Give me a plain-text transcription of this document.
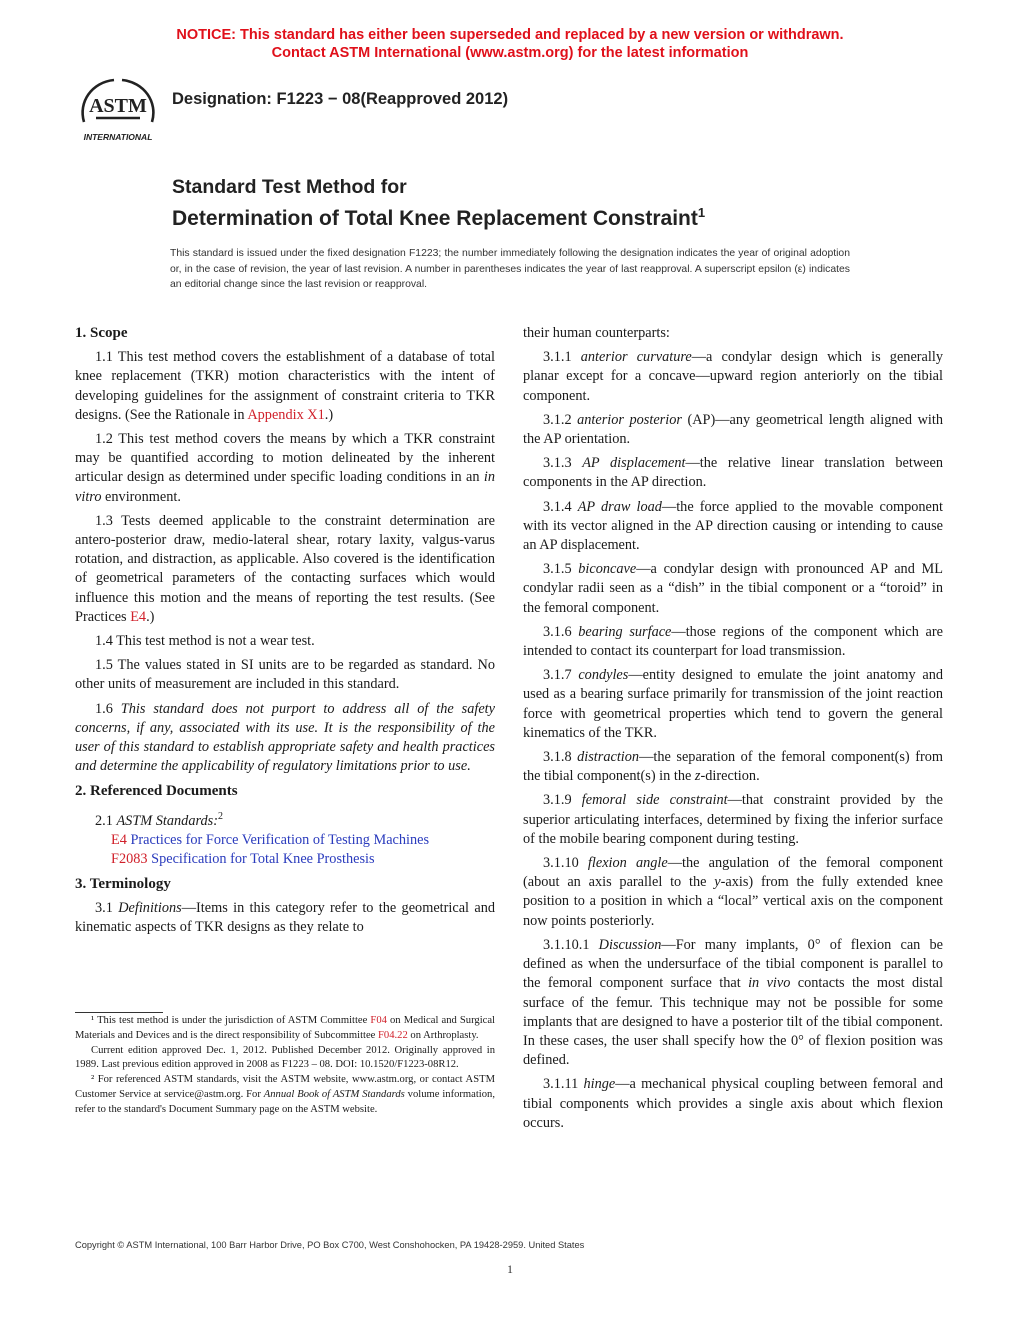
NOTICE: This standard has either been superseded and replaced by a new version or withdrawn.
Contact ASTM International (www.astm.org) for the latest information
ASTM
INTERNATIONAL
Designation: F1223 − 08(Reapproved 2012)
Standard Test Method for
Determination of Total Knee Replacement Constraint$^1$
This standard is issued under the fixed designation F1223; the number immediately following the designation indicates the year of original adoption or, in the case of revision, the year of last revision. A number in parentheses indicates the year of last reapproval. A superscript epsilon (ε) indicates an editorial change since the last revision or reapproval.
1. Scope

1.1 This test method covers the establishment of a database of total knee replacement (TKR) motion characteristics with the intent of developing guidelines for the assignment of constraint criteria to TKR designs. (See the Rationale in Appendix X1.)

1.2 This test method covers the means by which a TKR constraint may be quantified according to motion delineated by the inherent articular design as determined under specific loading conditions in an in vitro environment.

1.3 Tests deemed applicable to the constraint determination are antero-posterior draw, medio-lateral shear, rotary laxity, valgus-varus rotation, and distraction, as applicable. Also covered is the identification of geometrical parameters of the contacting surfaces which would influence this motion and the means of reporting the test results. (See Practices E4.)

1.4 This test method is not a wear test.

1.5 The values stated in SI units are to be regarded as standard. No other units of measurement are included in this standard.

1.6 This standard does not purport to address all of the safety concerns, if any, associated with its use. It is the responsibility of the user of this standard to establish appropriate safety and health practices and determine the applicability of regulatory limitations prior to use.

2. Referenced Documents

2.1 ASTM Standards:$^2$

E4 Practices for Force Verification of Testing Machines

F2083 Specification for Total Knee Prosthesis

3. Terminology

3.1 Definitions—Items in this category refer to the geometrical and kinematic aspects of TKR designs as they relate to

¹ This test method is under the jurisdiction of ASTM Committee F04 on Medical and Surgical Materials and Devices and is the direct responsibility of Subcommittee F04.22 on Arthroplasty.

Current edition approved Dec. 1, 2012. Published December 2012. Originally approved in 1989. Last previous edition approved in 2008 as F1223 – 08. DOI: 10.1520/F1223-08R12.

² For referenced ASTM standards, visit the ASTM website, www.astm.org, or contact ASTM Customer Service at service@astm.org. For Annual Book of ASTM Standards volume information, refer to the standard's Document Summary page on the ASTM website.

their human counterparts:

3.1.1 anterior curvature—a condylar design which is generally planar except for a concave—upward region anteriorly on the tibial component.

3.1.2 anterior posterior (AP)—any geometrical length aligned with the AP orientation.

3.1.3 AP displacement—the relative linear translation between components in the AP direction.

3.1.4 AP draw load—the force applied to the movable component with its vector aligned in the AP direction causing or intending to cause an AP displacement.

3.1.5 biconcave—a condylar design with pronounced AP and ML condylar radii seen as a “dish” in the tibial component or a “toroid” in the femoral component.

3.1.6 bearing surface—those regions of the component which are intended to contact its counterpart for load transmission.

3.1.7 condyles—entity designed to emulate the joint anatomy and used as a bearing surface primarily for transmission of the joint reaction force with geometrical properties which tend to govern the general kinematics of the TKR.

3.1.8 distraction—the separation of the femoral component(s) from the tibial component(s) in the z-direction.

3.1.9 femoral side constraint—that constraint provided by the superior articulating interfaces, determined by fixing the inferior surface of the mobile bearing component during testing.

3.1.10 flexion angle—the angulation of the femoral component (about an axis parallel to the y-axis) from the fully extended knee position to a position in which a “local” vertical axis on the component now points posteriorly.

3.1.10.1 Discussion—For many implants, 0° of flexion can be defined as when the undersurface of the tibial component is parallel to the femoral component surface that in vivo contacts the most distal surface of the femur. This technique may not be possible for some implants that are designed to have a posterior tilt of the tibial component. In these cases, the user shall specify how the 0° of flexion position was defined.

3.1.11 hinge—a mechanical physical coupling between femoral and tibial components which provides a single axis about which flexion occurs.

Copyright © ASTM International, 100 Barr Harbor Drive, PO Box C700, West Conshohocken, PA 19428-2959. United States
1
